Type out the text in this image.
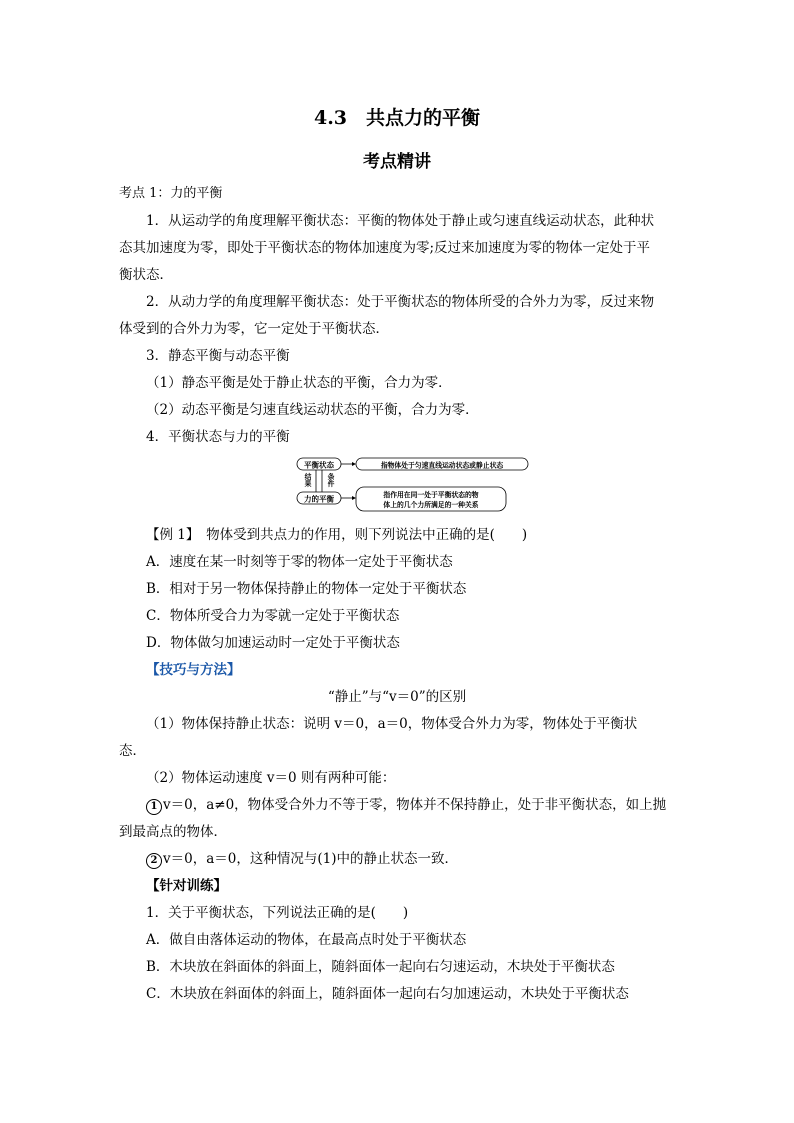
4.3　共点力的平衡
考点精讲
考点 1：力的平衡
1．从运动学的角度理解平衡状态：平衡的物体处于静止或匀速直线运动状态，此种状
态其加速度为零，即处于平衡状态的物体加速度为零;反过来加速度为零的物体一定处于平
衡状态．
2．从动力学的角度理解平衡状态：处于平衡状态的物体所受的合外力为零，反过来物
体受到的合外力为零，它一定处于平衡状态．
3．静态平衡与动态平衡
（1）静态平衡是处于静止状态的平衡，合力为零．
（2）动态平衡是匀速直线运动状态的平衡，合力为零．
4．平衡状态与力的平衡
平衡状态	指物体处于匀速直线运动状态或静止状态
结果 条件
力的平衡	指作用在同一处于平衡状态的物
体上的几个力所满足的一种关系
【例 1】　物体受到共点力的作用，则下列说法中正确的是(　　)
A．速度在某一时刻等于零的物体一定处于平衡状态
B．相对于另一物体保持静止的物体一定处于平衡状态
C．物体所受合力为零就一定处于平衡状态
D．物体做匀加速运动时一定处于平衡状态
【技巧与方法】
“静止”与“v＝0”的区别
（1）物体保持静止状态：说明 v＝0，a＝0，物体受合外力为零，物体处于平衡状
态．
（2）物体运动速度 v＝0 则有两种可能：
1 v＝0，a≠0，物体受合外力不等于零，物体并不保持静止，处于非平衡状态，如上抛
到最高点的物体．
2 v＝0，a＝0，这种情况与(1)中的静止状态一致．
【针对训练】
1．关于平衡状态，下列说法正确的是(　　)
A．做自由落体运动的物体，在最高点时处于平衡状态
B．木块放在斜面体的斜面上，随斜面体一起向右匀速运动，木块处于平衡状态
C．木块放在斜面体的斜面上，随斜面体一起向右匀加速运动，木块处于平衡状态
